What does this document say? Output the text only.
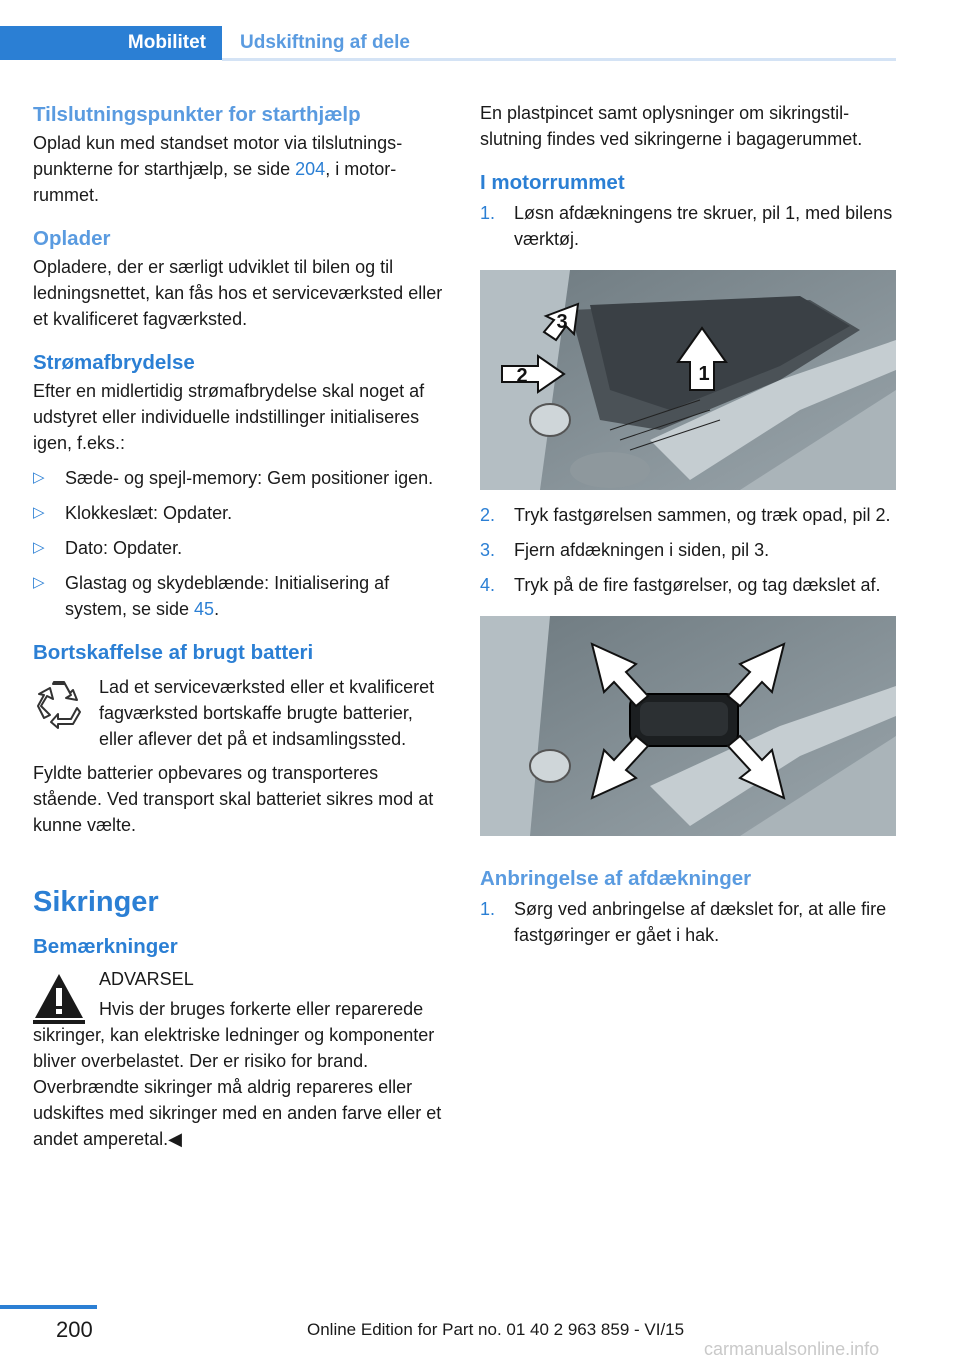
Mobilitet	Udskiftning af dele
Tilslutningspunkter for starthjælp
Oplad kun med standset motor via tilslutningspunkterne for starthjælp, se side 204, i motorrummet.
Oplader
Opladere, der er særligt udviklet til bilen og til ledningsnettet, kan fås hos et serviceværksted eller et kvalificeret fagværksted.
Strømafbrydelse
Efter en midlertidig strømafbrydelse skal noget af udstyret eller individuelle indstillinger initialiseres igen, f.eks.:
▷ Sæde- og spejl-memory: Gem positioner igen.
▷ Klokkeslæt: Opdater.
▷ Dato: Opdater.
▷ Glastag og skydeblænde: Initialisering af system, se side 45.
Bortskaffelse af brugt batteri
Lad et serviceværksted eller et kvalificeret fagværksted bortskaffe brugte batterier, eller aflever det på et indsamlingssted.
Fyldte batterier opbevares og transporteres stående. Ved transport skal batteriet sikres mod at kunne vælte.
Sikringer
Bemærkninger
ADVARSEL
Hvis der bruges forkerte eller reparerede sikringer, kan elektriske ledninger og komponenter bliver overbelastet. Der er risiko for brand. Overbrændte sikringer må aldrig repareres eller udskiftes med sikringer med en anden farve eller et andet amperetal.◀
En plastpincet samt oplysninger om sikringstilslutning findes ved sikringerne i bagagerummet.
I motorrummet
1. Løsn afdækningens tre skruer, pil 1, med bilens værktøj.
1
2
3
2. Tryk fastgørelsen sammen, og træk opad, pil 2.
3. Fjern afdækningen i siden, pil 3.
4. Tryk på de fire fastgørelser, og tag dækslet af.
Anbringelse af afdækninger
1. Sørg ved anbringelse af dækslet for, at alle fire fastgøringer er gået i hak.
200	Online Edition for Part no. 01 40 2 963 859 - VI/15
carmanualsonline.info
